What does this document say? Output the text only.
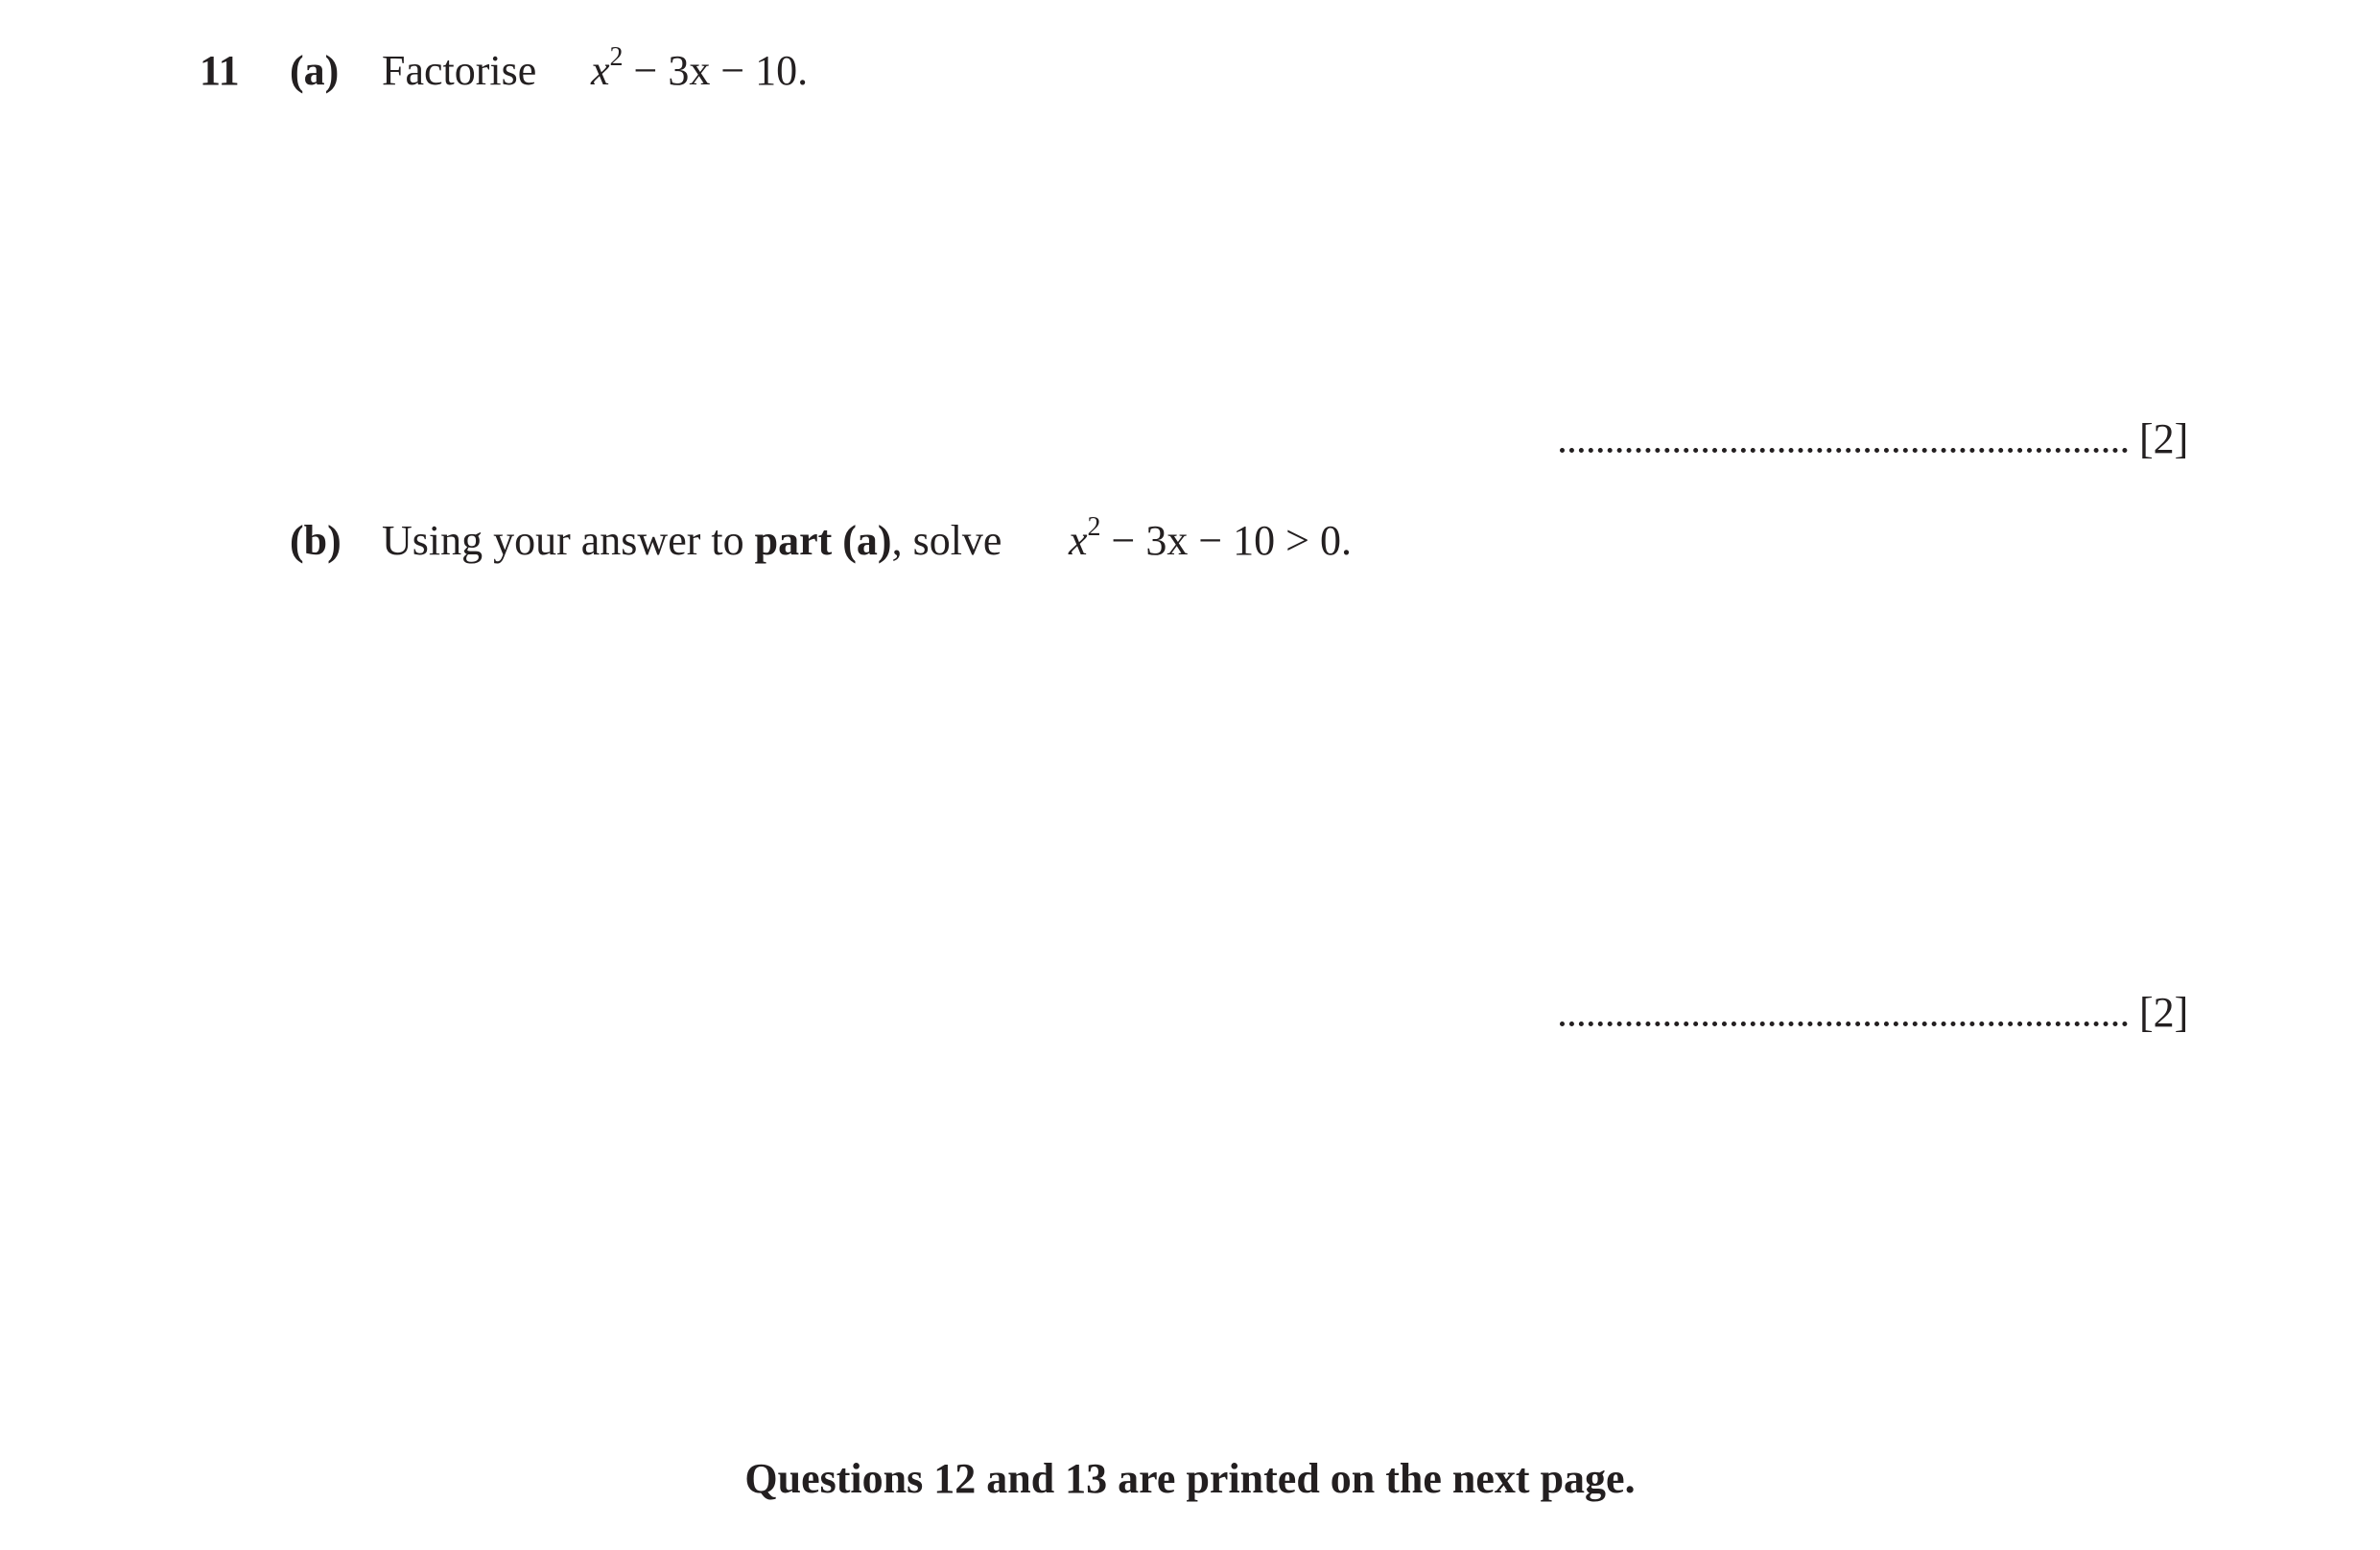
11 (a) Factorise $x^2 - 3x - 10$.
[2]
(b) Using your answer to part (a), solve $x^2 - 3x - 10 > 0$.
[2]
Questions 12 and 13 are printed on the next page.
